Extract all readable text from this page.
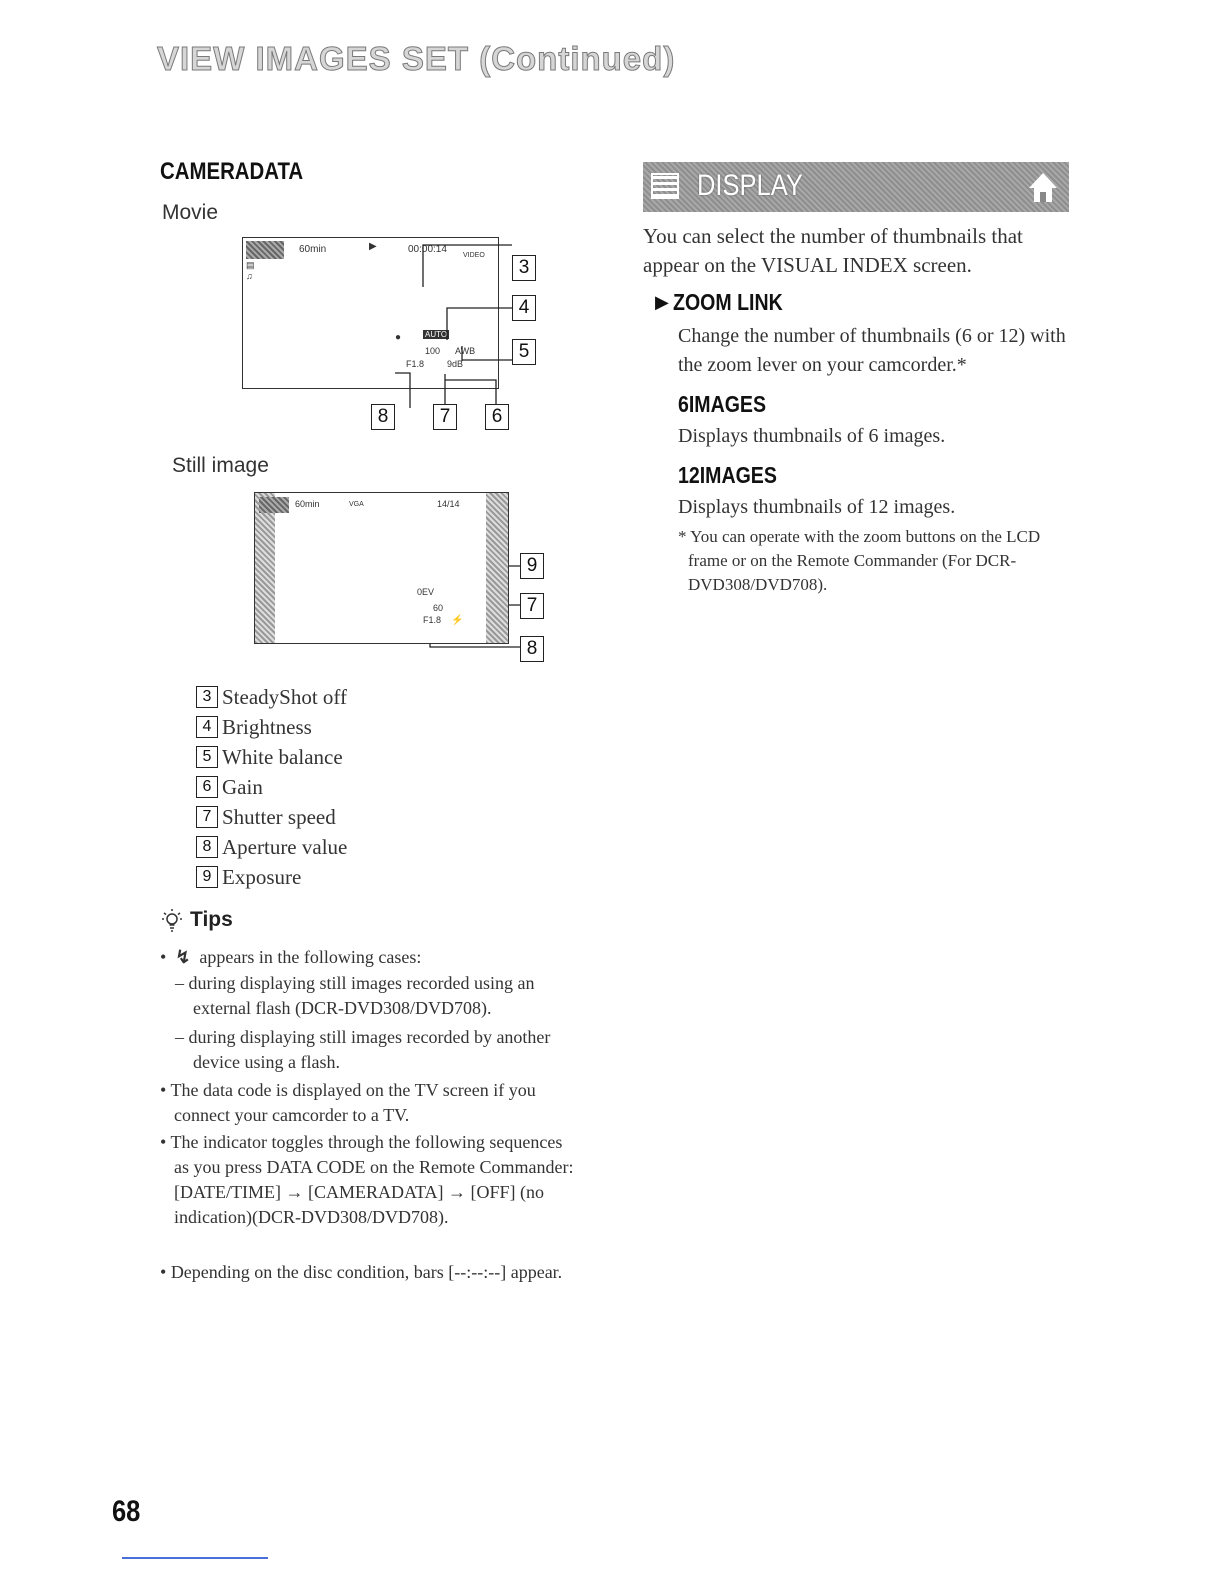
VIEW IMAGES SET (Continued)
CAMERADATA
Movie
60min	▶	00:00:14
VIDEO
▤
♫
AUTO
●
100 AWB
F1.8	9dB
3
4
5
8	7	6
Still image
60min	VGA	14/14
0EV
60
F1.8 ⚡
9
7
8
3 SteadyShot off
4 Brightness
5 White balance
6 Gain
7 Shutter speed
8 Aperture value
9 Exposure
Tips
•  ↯ appears in the following cases:
– during displaying still images recorded using an external flash (DCR-DVD308/DVD708).
– during displaying still images recorded by another device using a flash.
• The data code is displayed on the TV screen if you connect your camcorder to a TV.
• The indicator toggles through the following sequences as you press DATA CODE on the Remote Commander: [DATE/TIME] → [CAMERADATA] → [OFF] (no indication)(DCR-DVD308/DVD708).
• Depending on the disc condition, bars [--:--:--] appear.
DISPLAY
You can select the number of thumbnails that appear on the VISUAL INDEX screen.
▶ ZOOM LINK
Change the number of thumbnails (6 or 12) with the zoom lever on your camcorder.*
6IMAGES
Displays thumbnails of 6 images.
12IMAGES
Displays thumbnails of 12 images.
* You can operate with the zoom buttons on the LCD frame or on the Remote Commander (For DCR-DVD308/DVD708).
68
